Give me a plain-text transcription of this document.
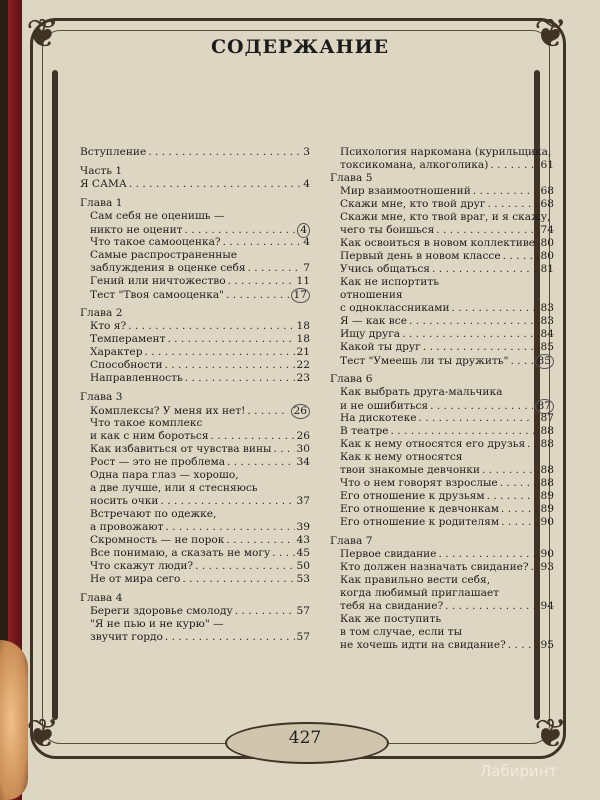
❦	❦
❦	❦
СОДЕРЖАНИЕ
Вступление . . .	3
Часть 1
Я САМА . . .	4
Глава 1
Сам себя не оценишь —
никто не оценит . . .	4
Что такое самооценка? . . .	4
Самые распространенные
заблуждения в оценке себя . . .	7
Гений или ничтожество . . .	11
Тест "Твоя самооценка" . . .	17
Глава 2
Кто я? . . .	18
Темперамент . . .	18
Характер . . .	21
Способности . . .	22
Направленность . . .	23
Глава 3
Комплексы? У меня их нет! . . .	26
Что такое комплекс
и как с ним бороться . . .	26
Как избавиться от чувства вины . . . 30
Рост — это не проблема . . .	34
Одна пара глаз — хорошо,
а две лучше, или я стесняюсь
носить очки . . .	37
Встречают по одежке,
а провожают . . .	39
Скромность — не порок . . .	43
Все понимаю, а сказать не могу . . . 45
Что скажут люди? . . .	50
Не от мира сего . . .	53
Глава 4
Береги здоровье смолоду . . .	57
"Я не пью и не курю" —
звучит гордо . . .	57
Психология наркомана (курильщика,
токсикомана, алкоголика) . . .	61
Глава 5
Мир взаимоотношений . . .	68
Скажи мне, кто твой друг . . .	68
Скажи мне, кто твой враг, и я скажу,
чего ты боишься . . .	74
Как освоиться в новом коллективе . . . 80
Первый день в новом классе . . .	80
Учись общаться . . .	81
Как не испортить
отношения
с одноклассниками . . .	83
Я — как все . . .	83
Ищу друга . . .	84
Какой ты друг . . .	85
Тест "Умеешь ли ты дружить" . . .	85
Глава 6
Как выбрать друга-мальчика
и не ошибиться . . .	87
На дискотеке . . .	87
В театре . . .	88
Как к нему относятся его друзья . . . 88
Как к нему относятся
твои знакомые девчонки . . .	88
Что о нем говорят взрослые . . .	88
Его отношение к друзьям . . .	89
Его отношение к девчонкам . . .	89
Его отношение к родителям . . .	90
Глава 7
Первое свидание . . .	90
Кто должен назначать свидание? . . . 93
Как правильно вести себя,
когда любимый приглашает
тебя на свидание? . . .	94
Как же поступить
в том случае, если ты
не хочешь идти на свидание? . . .	95
427
Лабиринт
